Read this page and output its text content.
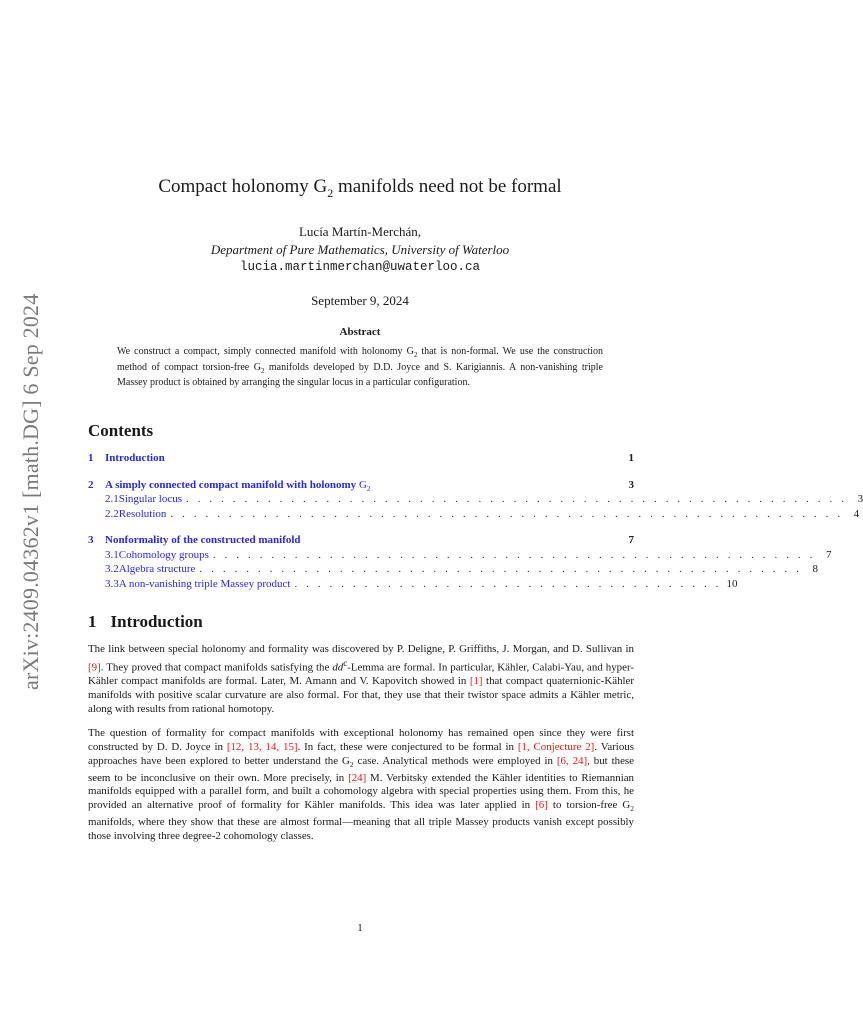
arXiv:2409.04362v1 [math.DG] 6 Sep 2024
Compact holonomy $G_2$ manifolds need not be formal
Lucía Martín-Merchán,
Department of Pure Mathematics, University of Waterloo
lucia.martinmerchan@uwaterloo.ca
September 9, 2024
Abstract
We construct a compact, simply connected manifold with holonomy $G_2$ that is non-formal. We use the construction method of compact torsion-free $G_2$ manifolds developed by D.D. Joyce and S. Karigiannis. A non-vanishing triple Massey product is obtained by arranging the singular locus in a particular configuration.
Contents
1	Introduction	1
2	A simply connected compact manifold with holonomy $G_2$	3
2.1 Singular locus . . . . . . . . . . . . . . . . . . . . . . . . . . . . . . . . . . . . . . . . . . . . . . . . . . . . . . . . . 3
2.2 Resolution . . . . . . . . . . . . . . . . . . . . . . . . . . . . . . . . . . . . . . . . . . . . . . . . . . . . . . . . . . 4
3	Nonformality of the constructed manifold	7
3.1 Cohomology groups . . . . . . . . . . . . . . . . . . . . . . . . . . . . . . . . . . . . . . . . . . . . . . . . . . . . 7
3.2 Algebra structure . . . . . . . . . . . . . . . . . . . . . . . . . . . . . . . . . . . . . . . . . . . . . . . . . . . . 8
3.3 A non-vanishing triple Massey product . . . . . . . . . . . . . . . . . . . . . . . . . . . . . . . . . . . . . 10
1 Introduction
The link between special holonomy and formality was discovered by P. Deligne, P. Griffiths, J. Morgan, and D. Sullivan in [9]. They proved that compact manifolds satisfying the $dd^c$-Lemma are formal. In particular, Kähler, Calabi-Yau, and hyper-Kähler compact manifolds are formal. Later, M. Amann and V. Kapovitch showed in [1] that compact quaternionic-Kähler manifolds with positive scalar curvature are also formal. For that, they use that their twistor space admits a Kähler metric, along with results from rational homotopy.
The question of formality for compact manifolds with exceptional holonomy has remained open since they were first constructed by D. D. Joyce in [12, 13, 14, 15]. In fact, these were conjectured to be formal in [1, Conjecture 2]. Various approaches have been explored to better understand the $G_2$ case. Analytical methods were employed in [6, 24], but these seem to be inconclusive on their own. More precisely, in [24] M. Verbitsky extended the Kähler identities to Riemannian manifolds equipped with a parallel form, and built a cohomology algebra with special properties using them. From this, he provided an alternative proof of formality for Kähler manifolds. This idea was later applied in [6] to torsion-free $G_2$ manifolds, where they show that these are almost formal—meaning that all triple Massey products vanish except possibly those involving three degree-2 cohomology classes.
1
